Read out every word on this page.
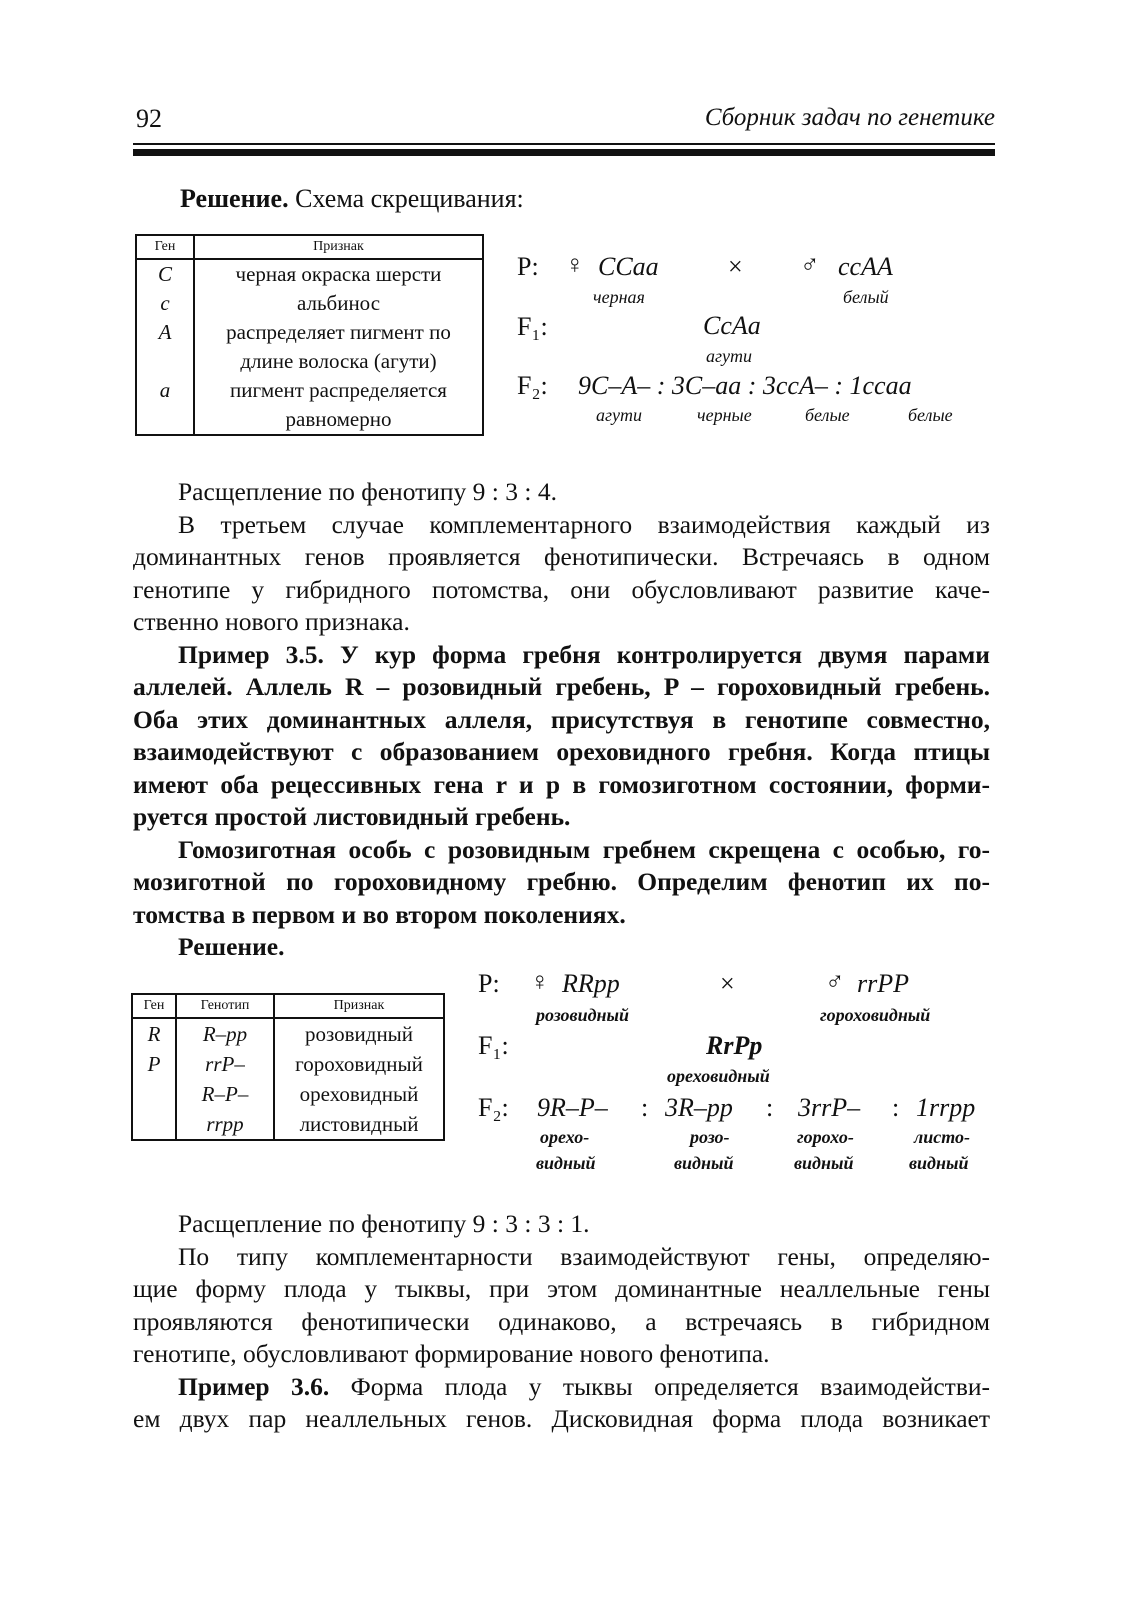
92	Сборник задач по генетике
Решение. Схема скрещивания:
Ген	Признак
C	черная окраска шерсти
c	альбинос
A	распределяет пигмент по
	длине волоска (агути)
a	пигмент распределяется
	равномерно
P: ♀ CCaa	× ♂ ccAA
черная	белый
F₁:	CcAa
агути
F₂: 9C–A– : 3C–aa : 3ccA– : 1ccaa
агути	черные	белые	белые
Расщепление по фенотипу 9 : 3 : 4.
В третьем случае комплементарного взаимодействия каждый из
доминантных генов проявляется фенотипически. Встречаясь в одном
генотипе у гибридного потомства, они обусловливают развитие каче-
ственно нового признака.
Пример 3.5. У кур форма гребня контролируется двумя парами
аллелей. Аллель R – розовидный гребень, P – гороховидный гребень.
Оба этих доминантных аллеля, присутствуя в генотипе совместно,
взаимодействуют с образованием ореховидного гребня. Когда птицы
имеют оба рецессивных гена r и p в гомозиготном состоянии, форми-
руется простой листовидный гребень.
Гомозиготная особь с розовидным гребнем скрещена с особью, го-
мозиготной по гороховидному гребню. Определим фенотип их по-
томства в первом и во втором поколениях.
Решение.
Ген	Генотип	Признак
R	R–pp	розовидный
P	rrP–	гороховидный
	R–P–	ореховидный
	rrpp	листовидный
P: ♀ RRpp	×	♂ rrPP
розовидный	гороховидный
F₁:	RrPp
ореховидный
F₂: 9R–P– : 3R–pp : 3rrP– : 1rrpp
орехо-	розо-	горохо-	листо-
видный	видный	видный	видный
Расщепление по фенотипу 9 : 3 : 3 : 1.
По типу комплементарности взаимодействуют гены, определяю-
щие форму плода у тыквы, при этом доминантные неаллельные гены
проявляются фенотипически одинаково, а встречаясь в гибридном
генотипе, обусловливают формирование нового фенотипа.
Пример 3.6. Форма плода у тыквы определяется взаимодействи-
ем двух пар неаллельных генов. Дисковидная форма плода возникает
